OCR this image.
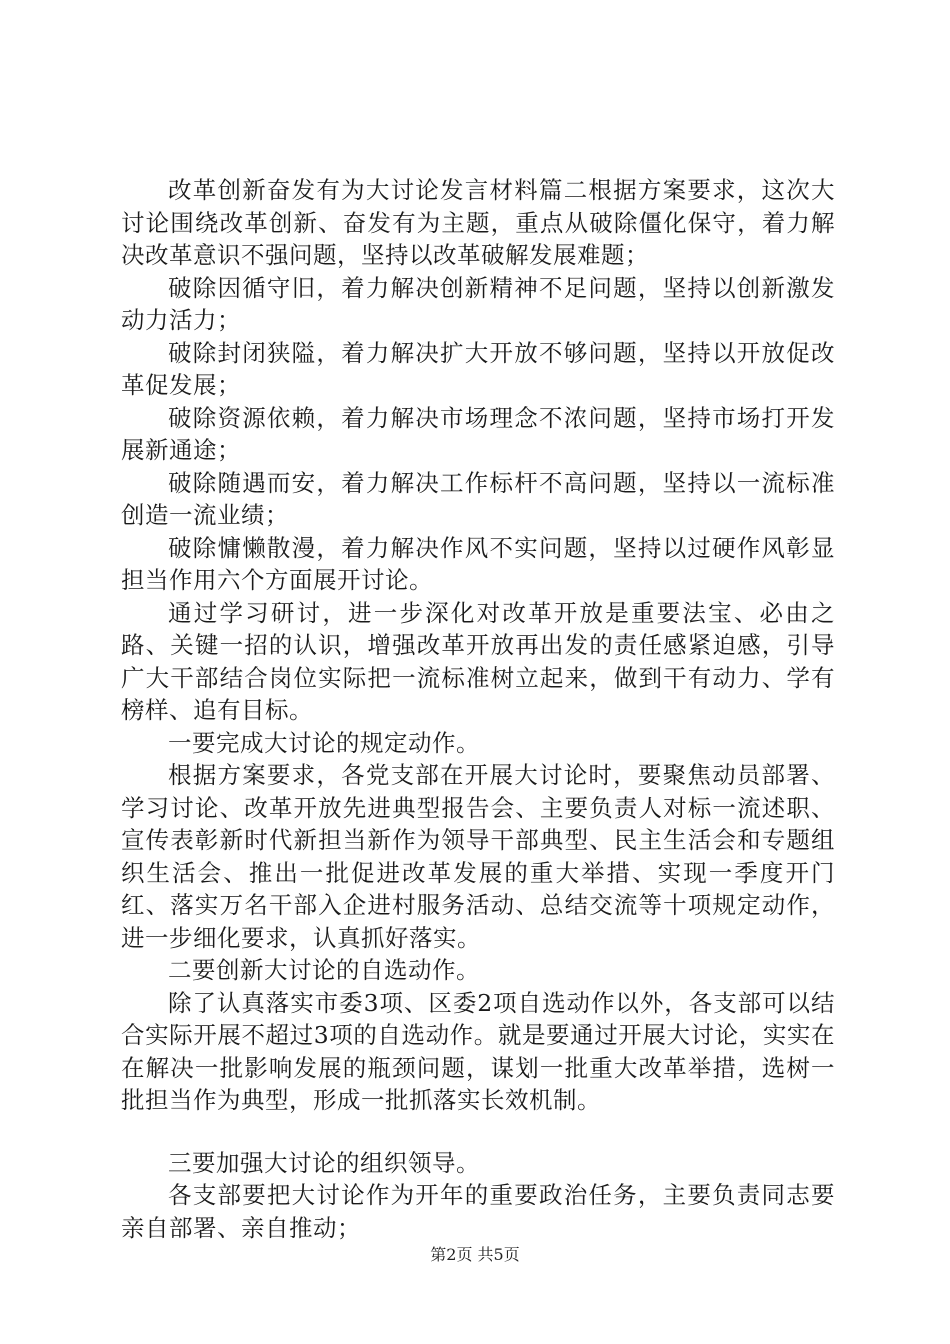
改革创新奋发有为大讨论发言材料篇二根据方案要求，这次大讨论围绕改革创新、奋发有为主题，重点从破除僵化保守，着力解决改革意识不强问题，坚持以改革破解发展难题；

破除因循守旧，着力解决创新精神不足问题，坚持以创新激发动力活力；

破除封闭狭隘，着力解决扩大开放不够问题，坚持以开放促改革促发展；

破除资源依赖，着力解决市场理念不浓问题，坚持市场打开发展新通途；

破除随遇而安，着力解决工作标杆不高问题，坚持以一流标准创造一流业绩；

破除慵懒散漫，着力解决作风不实问题，坚持以过硬作风彰显担当作用六个方面展开讨论。

通过学习研讨，进一步深化对改革开放是重要法宝、必由之路、关键一招的认识，增强改革开放再出发的责任感紧迫感，引导广大干部结合岗位实际把一流标准树立起来，做到干有动力、学有榜样、追有目标。

一要完成大讨论的规定动作。

根据方案要求，各党支部在开展大讨论时，要聚焦动员部署、学习讨论、改革开放先进典型报告会、主要负责人对标一流述职、宣传表彰新时代新担当新作为领导干部典型、民主生活会和专题组织生活会、推出一批促进改革发展的重大举措、实现一季度开门红、落实万名干部入企进村服务活动、总结交流等十项规定动作，进一步细化要求，认真抓好落实。

二要创新大讨论的自选动作。

除了认真落实市委3项、区委2项自选动作以外，各支部可以结合实际开展不超过3项的自选动作。就是要通过开展大讨论，实实在在解决一批影响发展的瓶颈问题，谋划一批重大改革举措，选树一批担当作为典型，形成一批抓落实长效机制。

三要加强大讨论的组织领导。

各支部要把大讨论作为开年的重要政治任务，主要负责同志要亲自部署、亲自推动；

第2页 共5页
